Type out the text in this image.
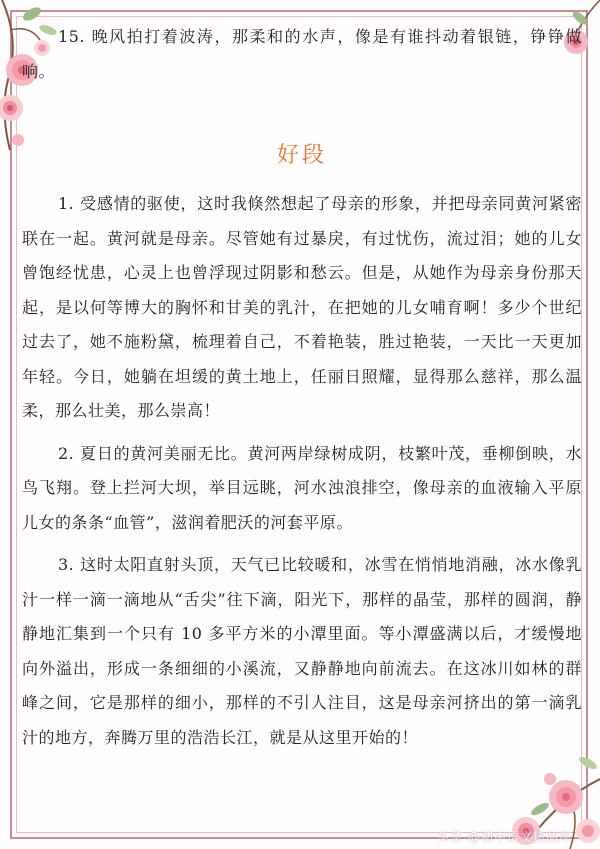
15. 晚风拍打着波涛，那柔和的水声，像是有谁抖动着银链，铮铮做响。

好段

1. 受感情的驱使，这时我倏然想起了母亲的形象，并把母亲同黄河紧密联在一起。黄河就是母亲。尽管她有过暴戾，有过忧伤，流过泪；她的儿女曾饱经忧患，心灵上也曾浮现过阴影和愁云。但是，从她作为母亲身份那天起，是以何等博大的胸怀和甘美的乳汁，在把她的儿女哺育啊！多少个世纪过去了，她不施粉黛，梳理着自己，不着艳装，胜过艳装，一天比一天更加年轻。今日，她躺在坦缓的黄土地上，任丽日照耀，显得那么慈祥，那么温柔，那么壮美，那么崇高！

2. 夏日的黄河美丽无比。黄河两岸绿树成阴，枝繁叶茂，垂柳倒映，水鸟飞翔。登上拦河大坝，举目远眺，河水浊浪排空，像母亲的血液输入平原儿女的条条“血管”，滋润着肥沃的河套平原。

3. 这时太阳直射头顶，天气已比较暖和，冰雪在悄悄地消融，冰水像乳汁一样一滴一滴地从“舌尖”往下滴，阳光下，那样的晶莹，那样的圆润，静静地汇集到一个只有 10 多平方米的小潭里面。等小潭盛满以后，才缓慢地向外溢出，形成一条细细的小溪流，又静静地向前流去。在这冰川如林的群峰之间，它是那样的细小，那样的不引人注目，这是母亲河挤出的第一滴乳汁的地方，奔腾万里的浩浩长江，就是从这里开始的！

头条 @初中语文精品库
